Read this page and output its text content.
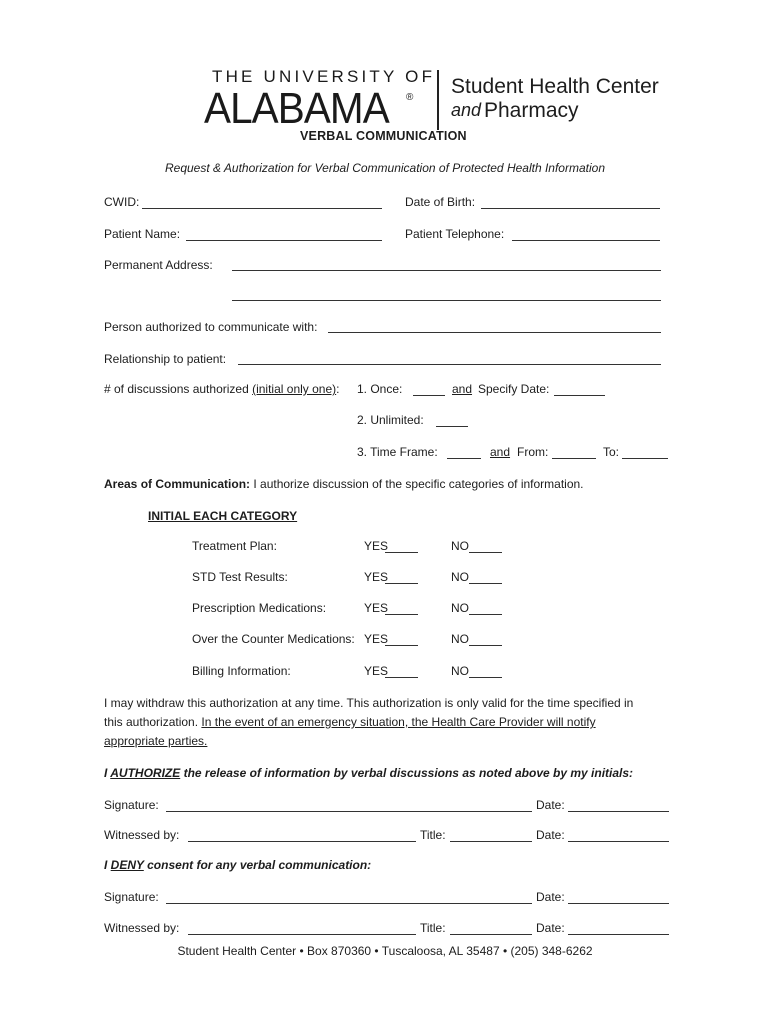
THE UNIVERSITY OF
ALABAMA ® Student Health Center
and Pharmacy
VERBAL COMMUNICATION
Request & Authorization for Verbal Communication of Protected Health Information
CWID:	Date of Birth:
Patient Name:	Patient Telephone:
Permanent Address:
Person authorized to communicate with:
Relationship to patient:
# of discussions authorized (initial only one): 1. Once:	and Specify Date:
2. Unlimited:
3. Time Frame:	and From:	To:
Areas of Communication: I authorize discussion of the specific categories of information.
INITIAL EACH CATEGORY
Treatment Plan:	YES	NO
STD Test Results:	YES	NO
Prescription Medications:	YES	NO
Over the Counter Medications: YES	NO
Billing Information:	YES	NO
I may withdraw this authorization at any time. This authorization is only valid for the time specified in
this authorization. In the event of an emergency situation, the Health Care Provider will notify
appropriate parties.
I AUTHORIZE the release of information by verbal discussions as noted above by my initials:
Signature:	Date:
Witnessed by:	Title:	Date:
I DENY consent for any verbal communication:
Signature:	Date:
Witnessed by:	Title:	Date:
Student Health Center • Box 870360 • Tuscaloosa, AL 35487 • (205) 348-6262
